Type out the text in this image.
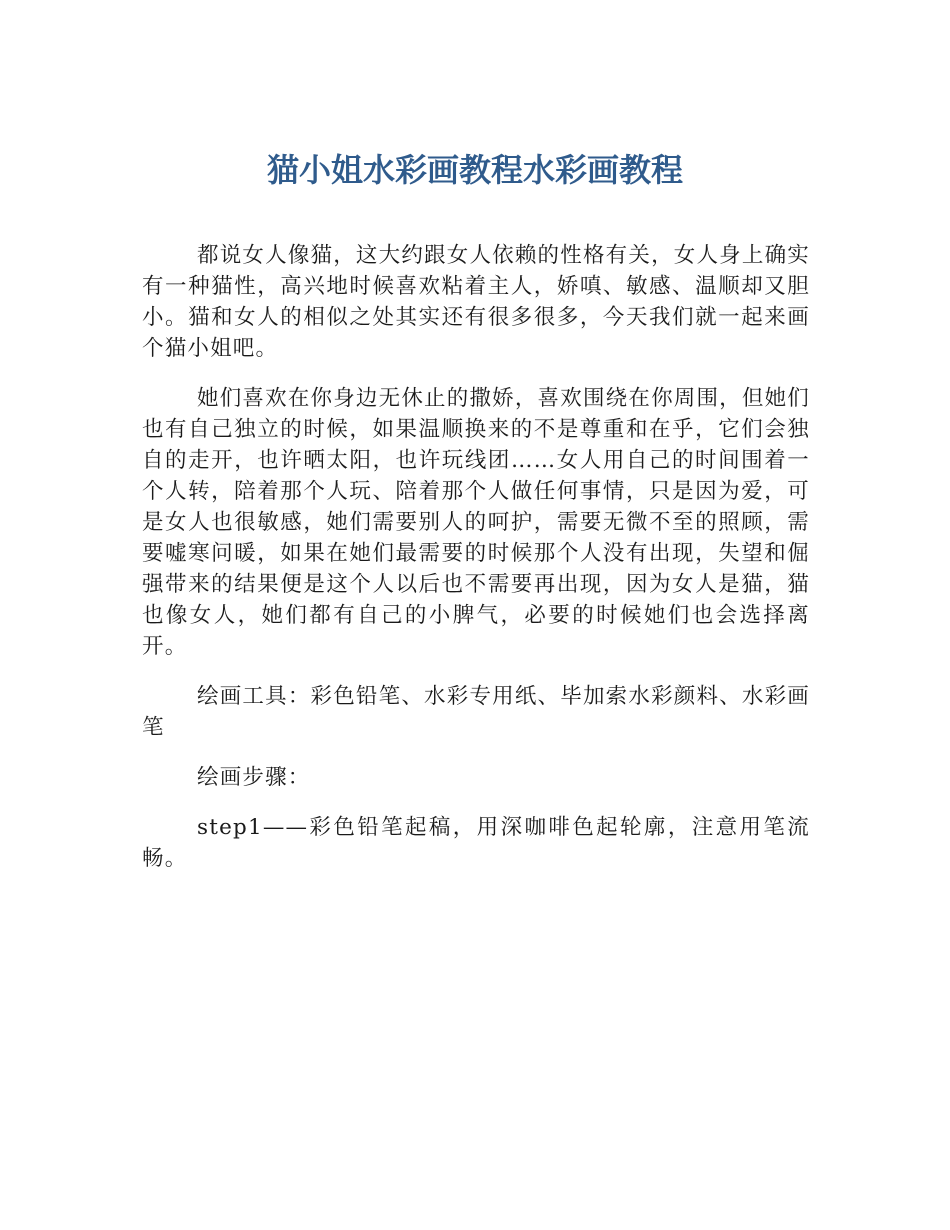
猫小姐水彩画教程水彩画教程

都说女人像猫，这大约跟女人依赖的性格有关，女人身上确实有一种猫性，高兴地时候喜欢粘着主人，娇嗔、敏感、温顺却又胆小。猫和女人的相似之处其实还有很多很多，今天我们就一起来画个猫小姐吧。

她们喜欢在你身边无休止的撒娇，喜欢围绕在你周围，但她们也有自己独立的时候，如果温顺换来的不是尊重和在乎，它们会独自的走开，也许晒太阳，也许玩线团……女人用自己的时间围着一个人转，陪着那个人玩、陪着那个人做任何事情，只是因为爱，可是女人也很敏感，她们需要别人的呵护，需要无微不至的照顾，需要嘘寒问暖，如果在她们最需要的时候那个人没有出现，失望和倔强带来的结果便是这个人以后也不需要再出现，因为女人是猫，猫也像女人，她们都有自己的小脾气，必要的时候她们也会选择离开。

绘画工具：彩色铅笔、水彩专用纸、毕加索水彩颜料、水彩画笔

绘画步骤：

step1——彩色铅笔起稿，用深咖啡色起轮廓，注意用笔流畅。
